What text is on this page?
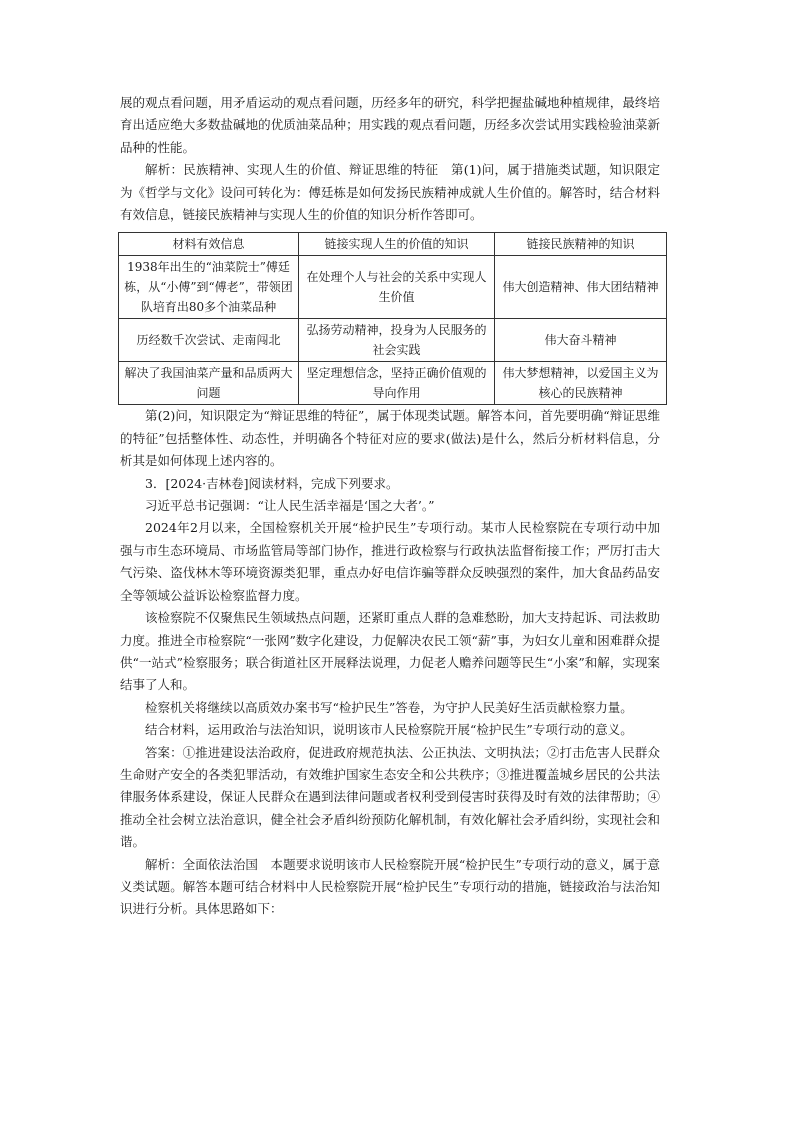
展的观点看问题，用矛盾运动的观点看问题，历经多年的研究，科学把握盐碱地种植规律，最终培育出适应绝大多数盐碱地的优质油菜品种；用实践的观点看问题，历经多次尝试用实践检验油菜新品种的性能。

解析：民族精神、实现人生的价值、辩证思维的特征　第(1)问，属于措施类试题，知识限定为《哲学与文化》设问可转化为：傅廷栋是如何发扬民族精神成就人生价值的。解答时，结合材料有效信息，链接民族精神与实现人生的价值的知识分析作答即可。

材料有效信息	链接实现人生的价值的知识	链接民族精神的知识
1938年出生的“油菜院士”傅廷栋，从“小傅”到“傅老”，带领团队培育出80多个油菜品种	在处理个人与社会的关系中实现人生价值	伟大创造精神、伟大团结精神
历经数千次尝试、走南闯北	弘扬劳动精神，投身为人民服务的社会实践	伟大奋斗精神
解决了我国油菜产量和品质两大问题	坚定理想信念，坚持正确价值观的导向作用	伟大梦想精神，以爱国主义为核心的民族精神

第(2)问，知识限定为“辩证思维的特征”，属于体现类试题。解答本问，首先要明确“辩证思维的特征”包括整体性、动态性，并明确各个特征对应的要求(做法)是什么，然后分析材料信息，分析其是如何体现上述内容的。

3．[2024·吉林卷]阅读材料，完成下列要求。

习近平总书记强调：“让人民生活幸福是‘国之大者’。”

2024年2月以来，全国检察机关开展“检护民生”专项行动。某市人民检察院在专项行动中加强与市生态环境局、市场监管局等部门协作，推进行政检察与行政执法监督衔接工作；严厉打击大气污染、盗伐林木等环境资源类犯罪，重点办好电信诈骗等群众反映强烈的案件，加大食品药品安全等领域公益诉讼检察监督力度。

该检察院不仅聚焦民生领域热点问题，还紧盯重点人群的急难愁盼，加大支持起诉、司法救助力度。推进全市检察院“一张网”数字化建设，力促解决农民工领“薪”事，为妇女儿童和困难群众提供“一站式”检察服务；联合街道社区开展释法说理，力促老人赡养问题等民生“小案”和解，实现案结事了人和。

检察机关将继续以高质效办案书写“检护民生”答卷，为守护人民美好生活贡献检察力量。

结合材料，运用政治与法治知识，说明该市人民检察院开展“检护民生”专项行动的意义。

答案：①推进建设法治政府，促进政府规范执法、公正执法、文明执法；②打击危害人民群众生命财产安全的各类犯罪活动，有效维护国家生态安全和公共秩序；③推进覆盖城乡居民的公共法律服务体系建设，保证人民群众在遇到法律问题或者权利受到侵害时获得及时有效的法律帮助；④推动全社会树立法治意识，健全社会矛盾纠纷预防化解机制，有效化解社会矛盾纠纷，实现社会和谐。

解析：全面依法治国　本题要求说明该市人民检察院开展“检护民生”专项行动的意义，属于意义类试题。解答本题可结合材料中人民检察院开展“检护民生”专项行动的措施，链接政治与法治知识进行分析。具体思路如下：
